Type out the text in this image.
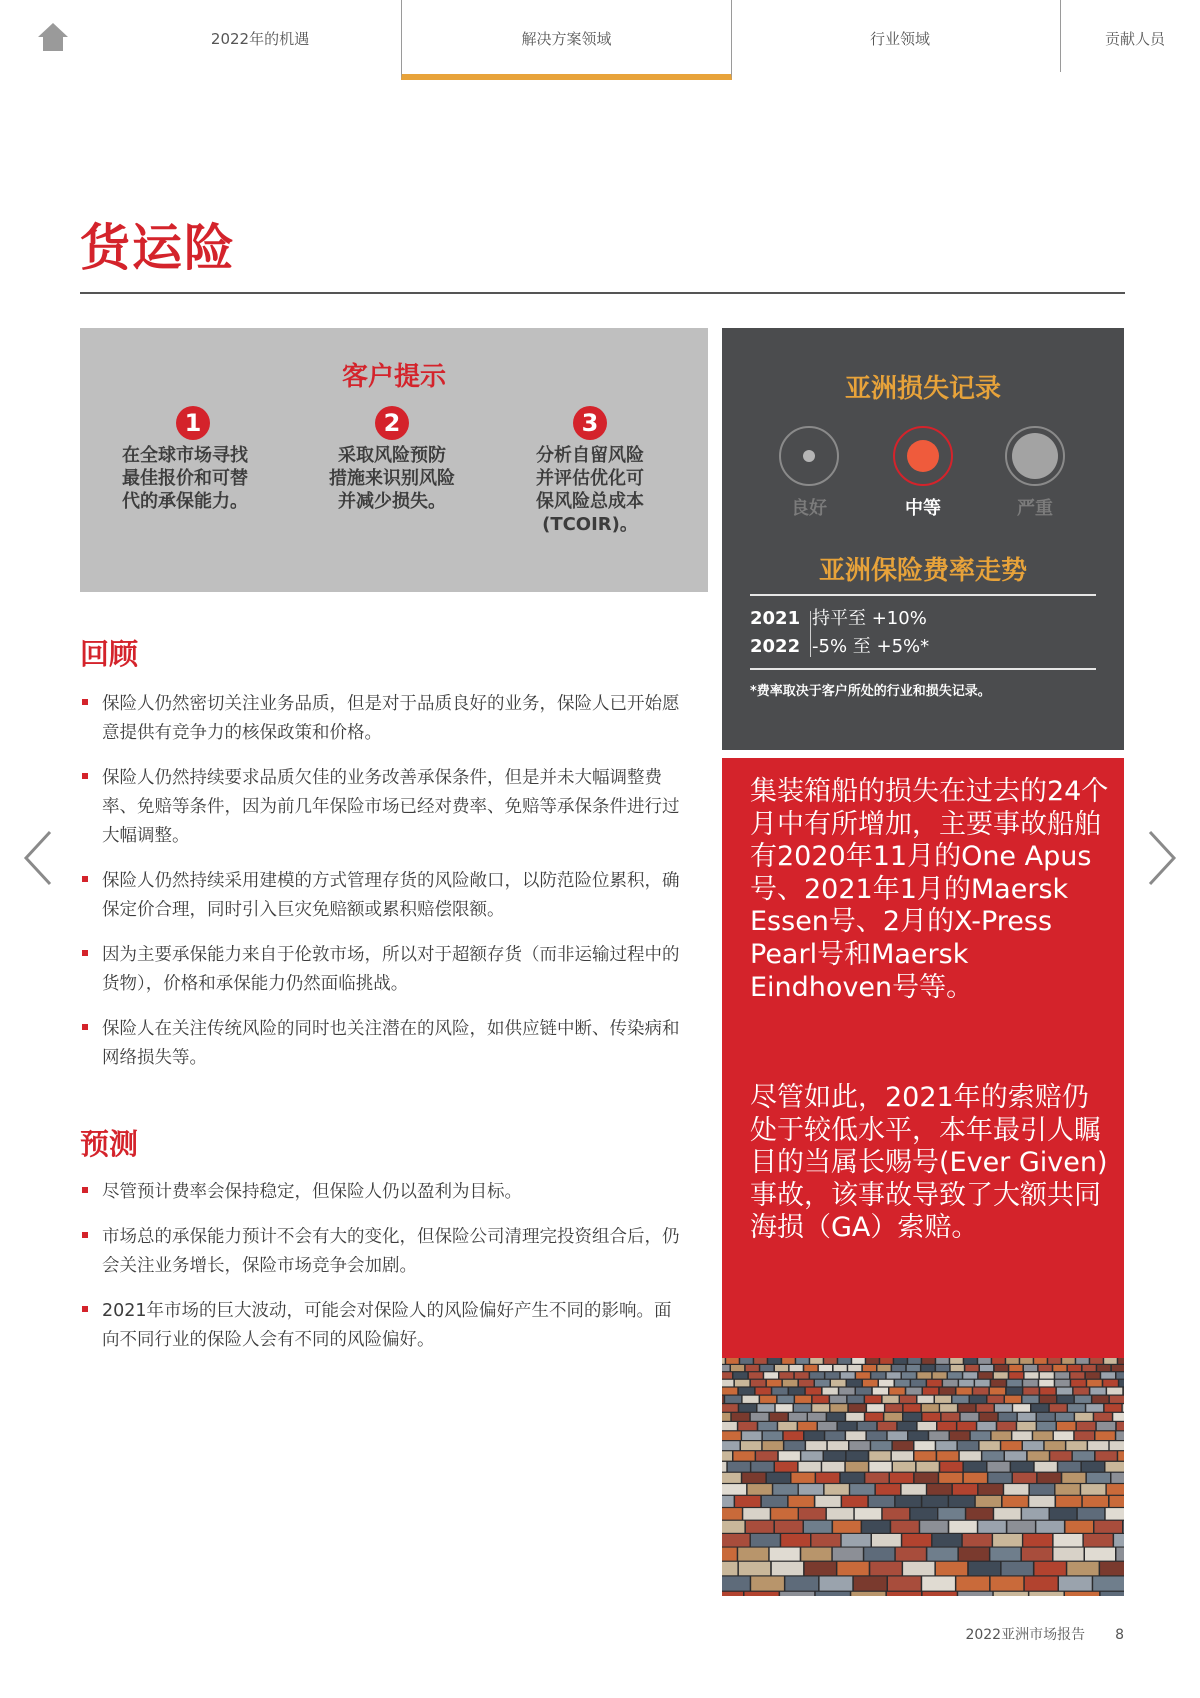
2022年的机遇	解决方案领域	行业领域	贡献人员
货运险
客户提示
1
在全球市场寻找
最佳报价和可替
代的承保能力。
2
采取风险预防
措施来识别风险
并减少损失。
3
分析自留风险
并评估优化可
保风险总成本
(TCOIR)。
回顾
保险人仍然密切关注业务品质，但是对于品质良好的业务，保险人已开始愿意提供有竞争力的核保政策和价格。
保险人仍然持续要求品质欠佳的业务改善承保条件，但是并未大幅调整费率、免赔等条件，因为前几年保险市场已经对费率、免赔等承保条件进行过大幅调整。
保险人仍然持续采用建模的方式管理存货的风险敞口，以防范险位累积，确保定价合理，同时引入巨灾免赔额或累积赔偿限额。
因为主要承保能力来自于伦敦市场，所以对于超额存货（而非运输过程中的货物），价格和承保能力仍然面临挑战。
保险人在关注传统风险的同时也关注潜在的风险，如供应链中断、传染病和网络损失等。
预测
尽管预计费率会保持稳定，但保险人仍以盈利为目标。
市场总的承保能力预计不会有大的变化，但保险公司清理完投资组合后，仍会关注业务增长，保险市场竞争会加剧。
2021年市场的巨大波动，可能会对保险人的风险偏好产生不同的影响。面向不同行业的保险人会有不同的风险偏好。
亚洲损失记录
良好	中等	严重
亚洲保险费率走势
2021 持平至 +10%
2022 -5% 至 +5%*
*费率取决于客户所处的行业和损失记录。

集装箱船的损失在过去的24个月中有所增加，主要事故船舶有2020年11月的One Apus 号、2021年1月的Maersk Essen号、2月的X-Press Pearl号和Maersk Eindhoven号等。

尽管如此，2021年的索赔仍处于较低水平，本年最引人瞩目的当属长赐号(Ever Given)事故，该事故导致了大额共同海损（GA）索赔。

2022亚洲市场报告 8
